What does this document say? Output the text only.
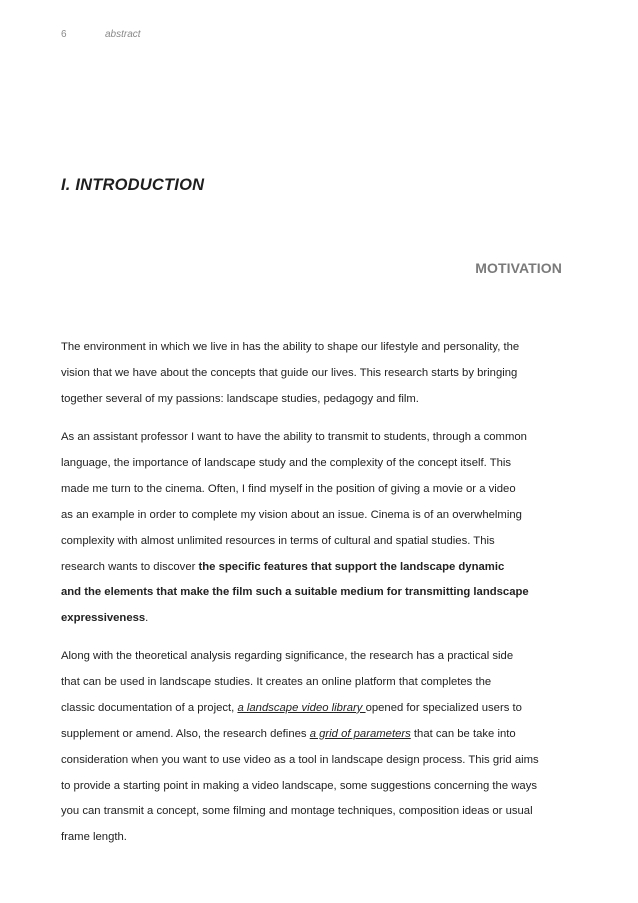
6	abstract
I. INTRODUCTION
MOTIVATION

The environment in which we live in has the ability to shape our lifestyle and personality, the
vision that we have about the concepts that guide our lives. This research starts by bringing
together several of my passions: landscape studies, pedagogy and film.

As an assistant professor I want to have the ability to transmit to students, through a common
language, the importance of landscape study and the complexity of the concept itself. This
made me turn to the cinema. Often, I find myself in the position of giving a movie or a video
as an example in order to complete my vision about an issue. Cinema is of an overwhelming
complexity with almost unlimited resources in terms of cultural and spatial studies. This
research wants to discover the specific features that support the landscape dynamic
and the elements that make the film such a suitable medium for transmitting landscape
expressiveness.

Along with the theoretical analysis regarding significance, the research has a practical side
that can be used in landscape studies. It creates an online platform that completes the
classic documentation of a project, a landscape video library opened for specialized users to
supplement or amend. Also, the research defines a grid of parameters that can be take into
consideration when you want to use video as a tool in landscape design process. This grid aims
to provide a starting point in making a video landscape, some suggestions concerning the ways
you can transmit a concept, some filming and montage techniques, composition ideas or usual
frame length.
